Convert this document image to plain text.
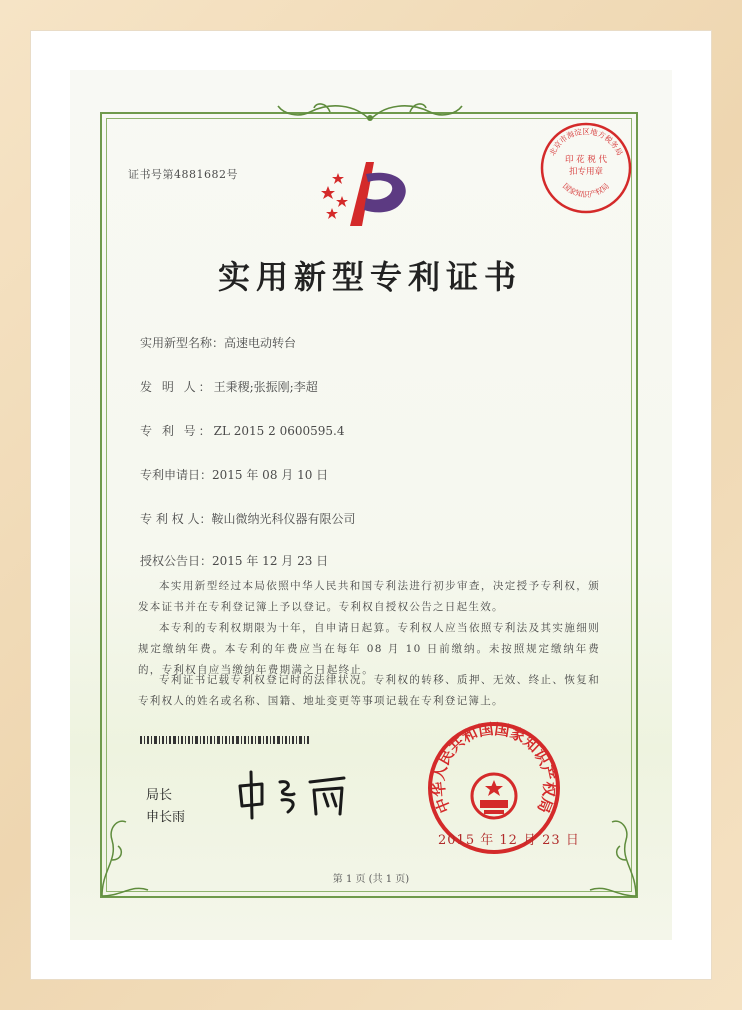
证书号第4881682号
北京市海淀区地方税务局
国家知识产权局
印 花 税 代扣专用章
实用新型专利证书
实用新型名称：高速电动转台
发 明 人：王秉稷;张振刚;李超
专 利 号：ZL 2015 2 0600595.4
专利申请日：2015 年 08 月 10 日
专 利 权 人：鞍山微纳光科仪器有限公司
授权公告日：2015 年 12 月 23 日
本实用新型经过本局依照中华人民共和国专利法进行初步审查，决定授予专利权，颁发本证书并在专利登记簿上予以登记。专利权自授权公告之日起生效。
本专利的专利权期限为十年，自申请日起算。专利权人应当依照专利法及其实施细则规定缴纳年费。本专利的年费应当在每年 08 月 10 日前缴纳。未按照规定缴纳年费的，专利权自应当缴纳年费期满之日起终止。
专利证书记载专利权登记时的法律状况。专利权的转移、质押、无效、终止、恢复和专利权人的姓名或名称、国籍、地址变更等事项记载在专利登记簿上。
局长
申长雨
中华人民共和国国家知识产权局
2015 年 12 月 23 日
第 1 页 (共 1 页)
